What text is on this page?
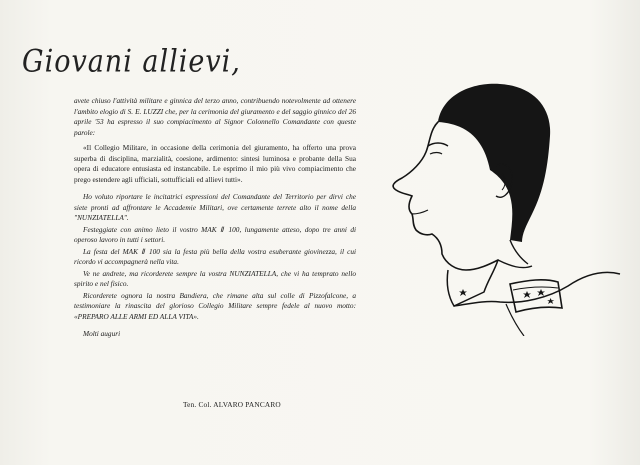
Giovani allievi,

avete chiuso l'attività militare e ginnica del terzo anno, contribuendo notevolmente ad ottenere l'ambito elogio di S. E. LUZZI che, per la cerimonia del giuramento e del saggio ginnico del 26 aprile '53 ha espresso il suo compiacimento al Signor Colonnello Comandante con queste parole:

«Il Collegio Militare, in occasione della cerimonia del giuramento, ha offerto una prova superba di disciplina, marzialità, coesione, ardimento: sintesi luminosa e probante della Sua opera di educatore entusiasta ed instancabile. Le esprimo il mio più vivo compiacimento che prego estendere agli ufficiali, sottufficiali ed allievi tutti».

Ho voluto riportare le incitatrici espressioni del Comandante del Territorio per dirvi che siete pronti ad affrontare le Accademie Militari, ove certamente terrete alto il nome della "NUNZIATELLA".

Festeggiate con animo lieto il vostro MAK Ⅱ 100, lungamente atteso, dopo tre anni di operoso lavoro in tutti i settori.

La festa del MAK Ⅱ 100 sia la festa più bella della vostra esuberante giovinezza, il cui ricordo vi accompagnerà nella vita.

Ve ne andrete, ma ricorderete sempre la vostra NUNZIATELLA, che vi ha temprato nello spirito e nel fisico.

Ricorderete ognora la nostra Bandiera, che rimane alta sul colle di Pizzofalcone, a testimoniare la rinascita del glorioso Collegio Militare sempre fedele al nuovo motto: «PREPARO ALLE ARMI ED ALLA VITA».

Molti auguri

Ten. Col. ALVARO PANCARO
